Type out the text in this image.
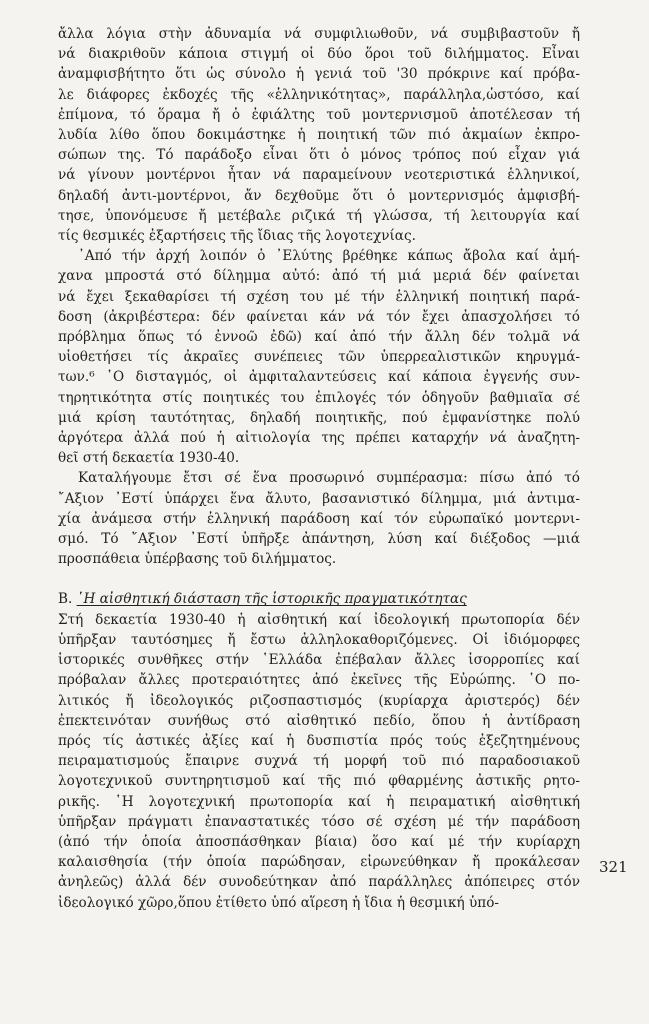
ἄλλα λόγια στὴν ἀδυναμία νά συμφιλιωθοῦν, νά συμβιβαστοῦν ἤ
νά διακριθοῦν κάποια στιγμή οἱ δύο ὅροι τοῦ διλήμματος. Εἶναι
ἀναμφισβήτητο ὅτι ὡς σύνολο ἡ γενιά τοῦ '30 πρόκρινε καί πρόβα-
λε διάφορες ἐκδοχές τῆς «ἑλληνικότητας», παράλληλα,ὡστόσο, καί
ἐπίμονα, τό ὅραμα ἤ ὁ ἐφιάλτης τοῦ μοντερνισμοῦ ἀποτέλεσαν τή
λυδία λίθο ὅπου δοκιμάστηκε ἡ ποιητική τῶν πιό ἀκμαίων ἐκπρο-
σώπων της. Τό παράδοξο εἶναι ὅτι ὁ μόνος τρόπος πού εἶχαν γιά
νά γίνουν μοντέρνοι ἦταν νά παραμείνουν νεοτεριστικά ἑλληνικοί,
δηλαδή ἀντι-μοντέρνοι, ἄν δεχθοῦμε ὅτι ὁ μοντερνισμός ἀμφισβή-
τησε, ὑπονόμευσε ἤ μετέβαλε ριζικά τή γλώσσα, τή λειτουργία καί
τίς θεσμικές ἐξαρτήσεις τῆς ἴδιας τῆς λογοτεχνίας.

᾿Από τήν ἀρχή λοιπόν ὁ ᾿Ελύτης βρέθηκε κάπως ἄβολα καί ἀμή-
χανα μπροστά στό δίλημμα αὐτό: ἀπό τή μιά μεριά δέν φαίνεται
νά ἔχει ξεκαθαρίσει τή σχέση του μέ τήν ἑλληνική ποιητική παρά-
δοση (ἀκριβέστερα: δέν φαίνεται κάν νά τόν ἔχει ἀπασχολήσει τό
πρόβλημα ὅπως τό ἐννοῶ ἐδῶ) καί ἀπό τήν ἄλλη δέν τολμᾶ νά
υἱοθετήσει τίς ἀκραῖες συνέπειες τῶν ὑπερρεαλιστικῶν κηρυγμά-
των.⁶ ῾Ο δισταγμός, οἱ ἀμφιταλαντεύσεις καί κάποια ἐγγενής συν-
τηρητικότητα στίς ποιητικές του ἐπιλογές τόν ὁδηγοῦν βαθμιαῖα σέ
μιά κρίση ταυτότητας, δηλαδή ποιητικῆς, πού ἐμφανίστηκε πολύ
ἀργότερα ἀλλά πού ἡ αἰτιολογία της πρέπει καταρχήν νά ἀναζητη-
θεῖ στή δεκαετία 1930-40.

Καταλήγουμε ἔτσι σέ ἕνα προσωρινό συμπέρασμα: πίσω ἀπό τό
῎Αξιον ᾿Εστί ὑπάρχει ἕνα ἄλυτο, βασανιστικό δίλημμα, μιά ἀντιμα-
χία ἀνάμεσα στήν ἑλληνική παράδοση καί τόν εὐρωπαϊκό μοντερνι-
σμό. Τό ῎Αξιον ᾿Εστί ὑπῆρξε ἀπάντηση, λύση καί διέξοδος —μιά
προσπάθεια ὑπέρβασης τοῦ διλήμματος.

Β. ῾Η αἰσθητική διάσταση τῆς ἱστορικῆς πραγματικότητας

Στή δεκαετία 1930-40 ἡ αἰσθητική καί ἰδεολογική πρωτοπορία δέν
ὑπῆρξαν ταυτόσημες ἤ ἔστω ἀλληλοκαθοριζόμενες. Οἱ ἰδιόμορφες
ἱστορικές συνθῆκες στήν ῾Ελλάδα ἐπέβαλαν ἄλλες ἰσορροπίες καί
πρόβαλαν ἄλλες προτεραιότητες ἀπό ἐκεῖνες τῆς Εὐρώπης. ῾Ο πο-
λιτικός ἤ ἰδεολογικός ριζοσπαστισμός (κυρίαρχα ἀριστερός) δέν
ἐπεκτεινόταν συνήθως στό αἰσθητικό πεδίο, ὅπου ἡ ἀντίδραση
πρός τίς ἀστικές ἀξίες καί ἡ δυσπιστία πρός τούς ἐξεζητημένους
πειραματισμούς ἔπαιρνε συχνά τή μορφή τοῦ πιό παραδοσιακοῦ
λογοτεχνικοῦ συντηρητισμοῦ καί τῆς πιό φθαρμένης ἀστικῆς ρητο-
ρικῆς. ῾Η λογοτεχνική πρωτοπορία καί ἡ πειραματική αἰσθητική
ὑπῆρξαν πράγματι ἐπαναστατικές τόσο σέ σχέση μέ τήν παράδοση
(ἀπό τήν ὁποία ἀποσπάσθηκαν βίαια) ὅσο καί μέ τήν κυρίαρχη
καλαισθησία (τήν ὁποία παρώδησαν, εἰρωνεύθηκαν ἤ προκάλεσαν
ἀνηλεῶς) ἀλλά δέν συνοδεύτηκαν ἀπό παράλληλες ἀπόπειρες στόν
ἰδεολογικό χῶρο,ὅπου ἐτίθετο ὑπό αἵρεση ἡ ἴδια ἡ θεσμική ὑπό-

321
